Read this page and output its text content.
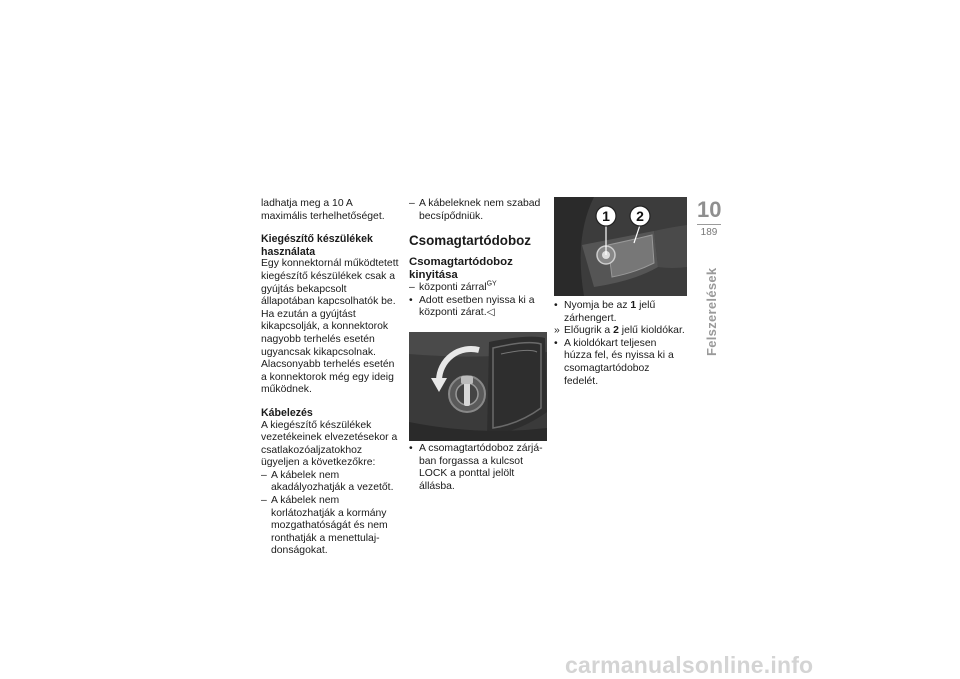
ladhatja meg a 10 A maximális terhelhetőséget.

Kiegészítő készülékek használata

Egy konnektornál működtetett kiegészítő készülékek csak a gyújtás bekapcsolt állapotában kapcsolhatók be. Ha ezután a gyújtást kikapcsolják, a konnektorok nagyobb terhelés esetén ugyancsak kikapcsolnak. Alacsonyabb terhelés esetén a konnektorok még egy ideig működnek.

Kábelezés

A kiegészítő készülékek vezetékeinek elvezetésekor a csatlakozóaljzatokhoz ügyeljen a következőkre:

– A kábelek nem akadályozhatják a vezetőt.
– A kábelek nem korlátozhatják a kormány mozgathatóságát és nem ronthatják a menettulajdonságokat.
– A kábeleknek nem szabad becsípődniük.

Csomagtartódoboz

Csomagtartódoboz kinyitása

– központi zárral$^{GY}$
• Adott esetben nyissa ki a központi zárat.◁
• A csomagtartódoboz zárjában forgassa a kulcsot LOCK a ponttal jelölt állásba.
1 2
• Nyomja be az 1 jelű zárhengert.
» Előugrik a 2 jelű kioldókar.
• A kioldókart teljesen húzza fel, és nyissa ki a csomagtartódoboz fedelét.
10
189
Felszerelések
carmanualsonline.info
